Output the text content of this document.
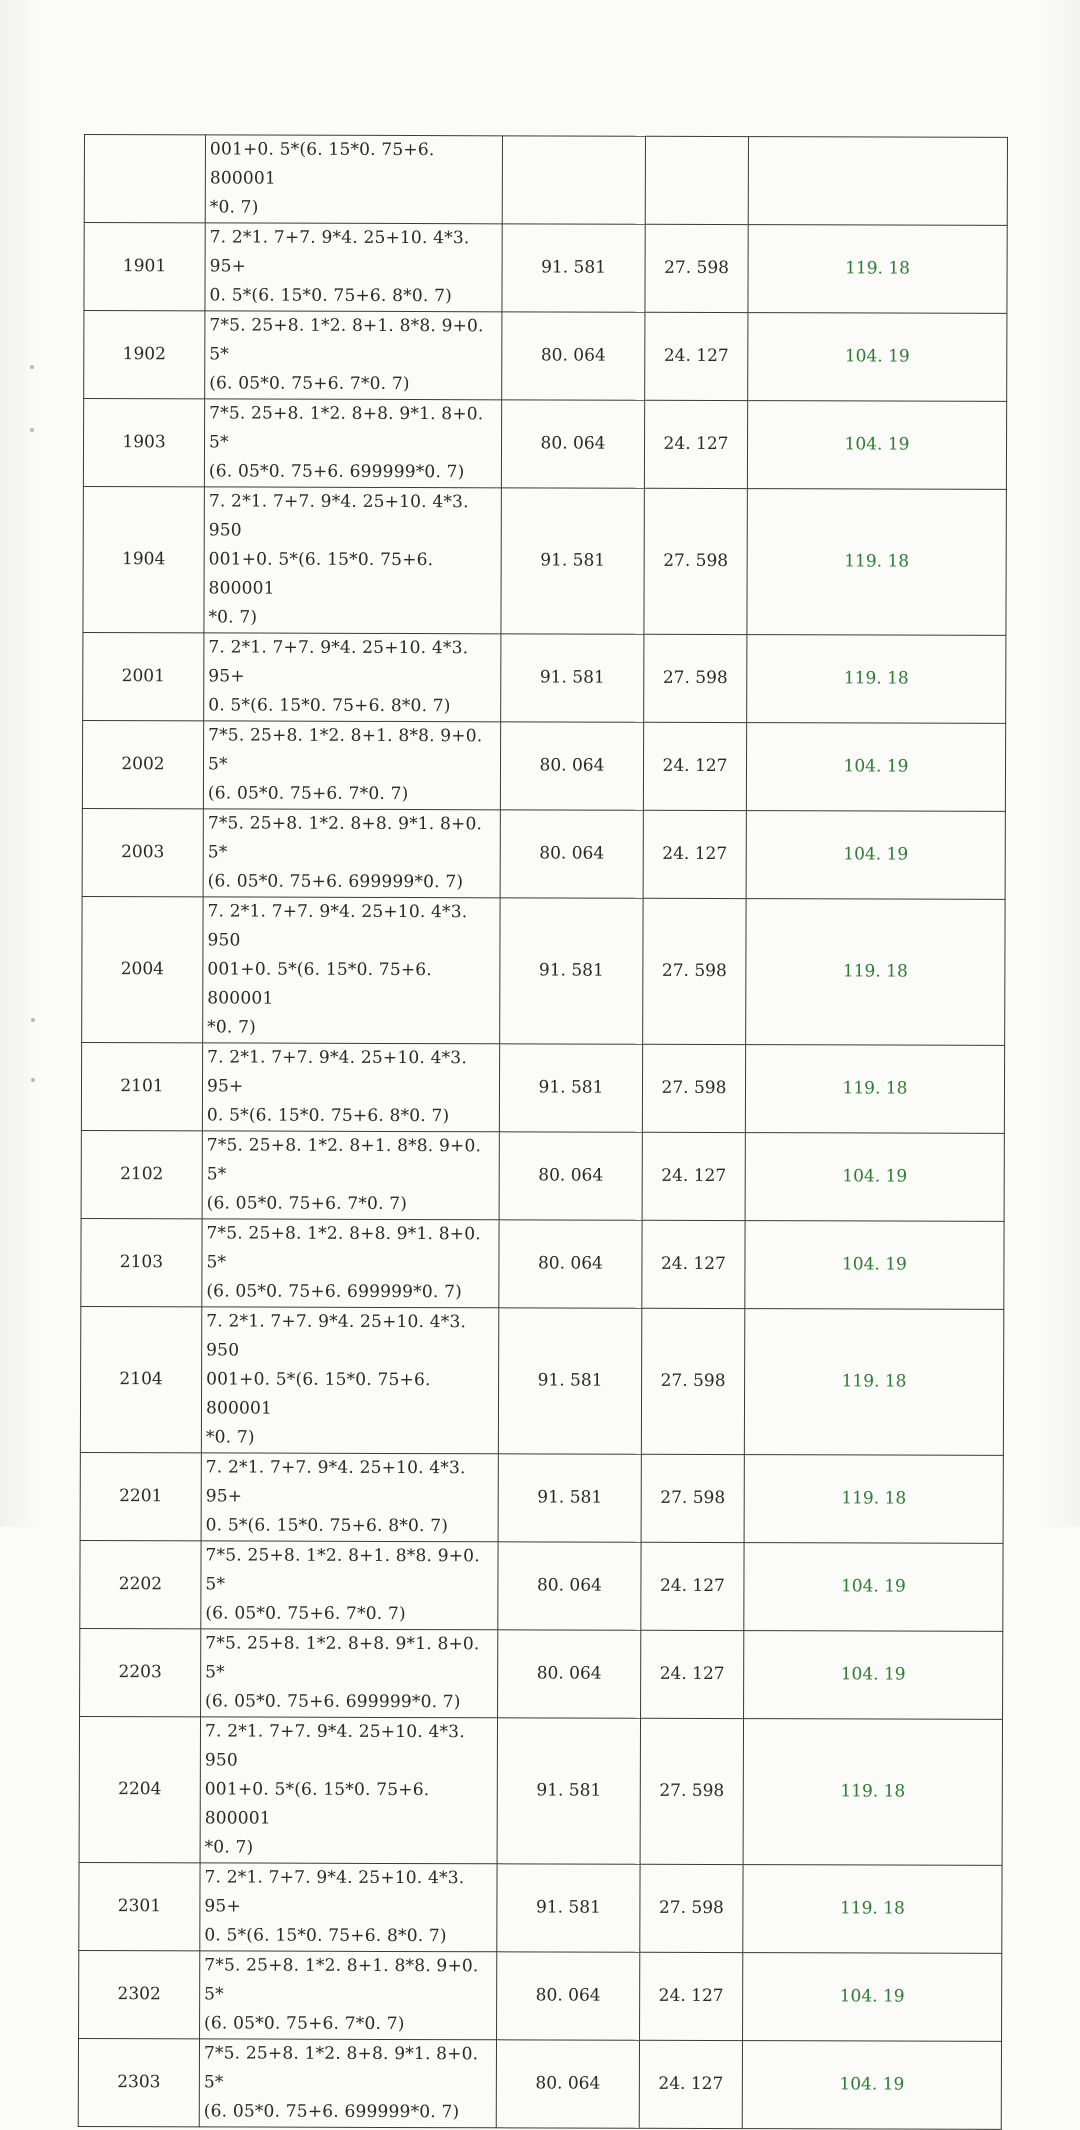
	001+0. 5*(6. 15*0. 75+6. 800001
*0. 7)			
1901	7. 2*1. 7+7. 9*4. 25+10. 4*3. 95+
0. 5*(6. 15*0. 75+6. 8*0. 7)	91. 581	27. 598	119. 18
1902	7*5. 25+8. 1*2. 8+1. 8*8. 9+0. 5*
(6. 05*0. 75+6. 7*0. 7)	80. 064	24. 127	104. 19
1903	7*5. 25+8. 1*2. 8+8. 9*1. 8+0. 5*
(6. 05*0. 75+6. 699999*0. 7)	80. 064	24. 127	104. 19
1904	7. 2*1. 7+7. 9*4. 25+10. 4*3. 950
001+0. 5*(6. 15*0. 75+6. 800001
*0. 7)	91. 581	27. 598	119. 18
2001	7. 2*1. 7+7. 9*4. 25+10. 4*3. 95+
0. 5*(6. 15*0. 75+6. 8*0. 7)	91. 581	27. 598	119. 18
2002	7*5. 25+8. 1*2. 8+1. 8*8. 9+0. 5*
(6. 05*0. 75+6. 7*0. 7)	80. 064	24. 127	104. 19
2003	7*5. 25+8. 1*2. 8+8. 9*1. 8+0. 5*
(6. 05*0. 75+6. 699999*0. 7)	80. 064	24. 127	104. 19
2004	7. 2*1. 7+7. 9*4. 25+10. 4*3. 950
001+0. 5*(6. 15*0. 75+6. 800001
*0. 7)	91. 581	27. 598	119. 18
2101	7. 2*1. 7+7. 9*4. 25+10. 4*3. 95+
0. 5*(6. 15*0. 75+6. 8*0. 7)	91. 581	27. 598	119. 18
2102	7*5. 25+8. 1*2. 8+1. 8*8. 9+0. 5*
(6. 05*0. 75+6. 7*0. 7)	80. 064	24. 127	104. 19
2103	7*5. 25+8. 1*2. 8+8. 9*1. 8+0. 5*
(6. 05*0. 75+6. 699999*0. 7)	80. 064	24. 127	104. 19
2104	7. 2*1. 7+7. 9*4. 25+10. 4*3. 950
001+0. 5*(6. 15*0. 75+6. 800001
*0. 7)	91. 581	27. 598	119. 18
2201	7. 2*1. 7+7. 9*4. 25+10. 4*3. 95+
0. 5*(6. 15*0. 75+6. 8*0. 7)	91. 581	27. 598	119. 18
2202	7*5. 25+8. 1*2. 8+1. 8*8. 9+0. 5*
(6. 05*0. 75+6. 7*0. 7)	80. 064	24. 127	104. 19
2203	7*5. 25+8. 1*2. 8+8. 9*1. 8+0. 5*
(6. 05*0. 75+6. 699999*0. 7)	80. 064	24. 127	104. 19
2204	7. 2*1. 7+7. 9*4. 25+10. 4*3. 950
001+0. 5*(6. 15*0. 75+6. 800001
*0. 7)	91. 581	27. 598	119. 18
2301	7. 2*1. 7+7. 9*4. 25+10. 4*3. 95+
0. 5*(6. 15*0. 75+6. 8*0. 7)	91. 581	27. 598	119. 18
2302	7*5. 25+8. 1*2. 8+1. 8*8. 9+0. 5*
(6. 05*0. 75+6. 7*0. 7)	80. 064	24. 127	104. 19
2303	7*5. 25+8. 1*2. 8+8. 9*1. 8+0. 5*
(6. 05*0. 75+6. 699999*0. 7)	80. 064	24. 127	104. 19
